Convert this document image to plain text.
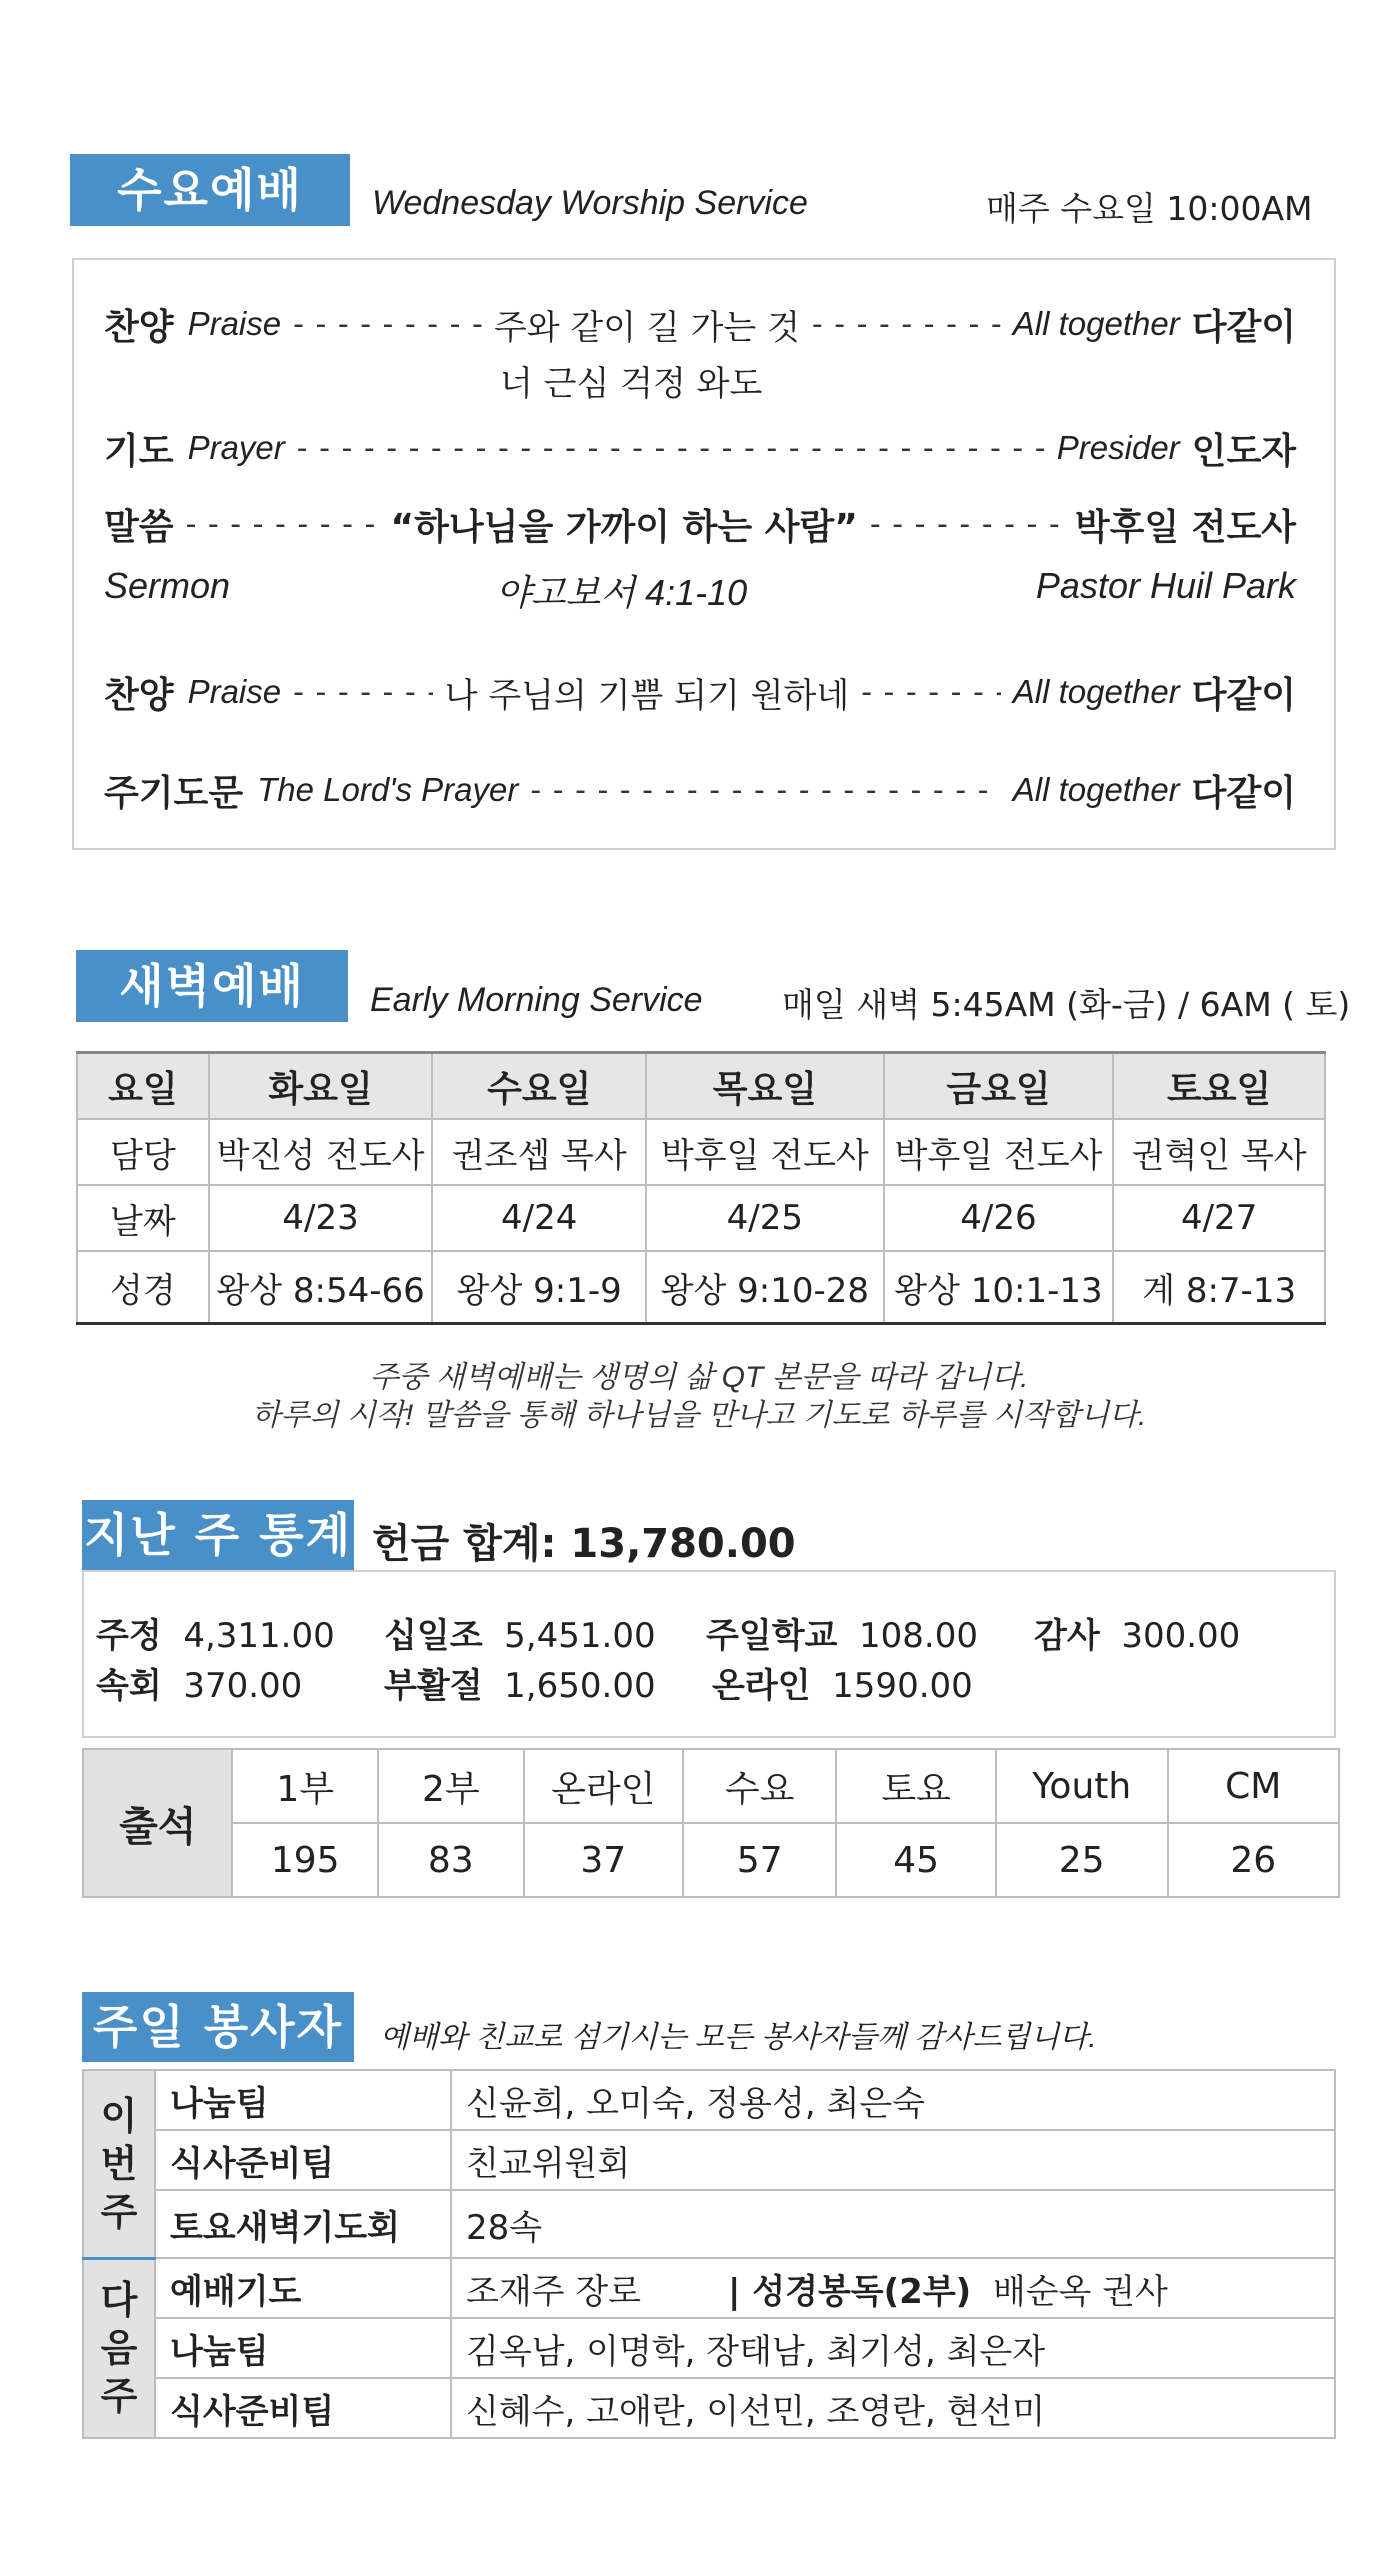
수요예배	Wednesday Worship Service	매주 수요일 10:00AM
찬양 Praise - - -	주와 같이 길 가는 것 - - -	All together 다같이
너 근심 걱정 와도
기도 Prayer - - -	Presider 인도자
말씀 - - -	“하나님을 가까이 하는 사람” - - -	박후일 전도사
Sermon	야고보서 4:1-10	Pastor Huil Park
찬양 Praise - - -	나 주님의 기쁨 되기 원하네 - - -	All together 다같이
주기도문 The Lord's Prayer - - -	All together 다같이
새벽예배	Early Morning Service 매일 새벽 5:45AM (화-금) / 6AM ( 토)
요일	화요일	수요일	목요일	금요일	토요일
담당	박진성 전도사	권조셉 목사	박후일 전도사	박후일 전도사	권혁인 목사
날짜	4/23	4/24	4/25	4/26	4/27
성경	왕상 8:54-66	왕상 9:1-9	왕상 9:10-28	왕상 10:1-13	계 8:7-13
주중 새벽예배는 생명의 삶 QT 본문을 따라 갑니다.
하루의 시작! 말씀을 통해 하나님을 만나고 기도로 하루를 시작합니다.
지난 주 통계 헌금 합계: 13,780.00
주정 4,311.00 십일조 5,451.00 주일학교 108.00 감사 300.00
속회 370.00 부활절 1,650.00 온라인 1590.00
출석	1부	2부	온라인	수요	토요	Youth	CM
	195	83	37	57	45	25	26
주일 봉사자	예배와 친교로 섬기시는 모든 봉사자들께 감사드립니다.
이
번
주	나눔팀	신윤희, 오미숙, 정용성, 최은숙
	식사준비팀	친교위원회
	토요새벽기도회	28속

다
음
주	예배기도	조재주 장로 | 성경봉독(2부) 배순옥 권사
	나눔팀	김옥남, 이명학, 장태남, 최기성, 최은자
	식사준비팀	신혜수, 고애란, 이선민, 조영란, 현선미
